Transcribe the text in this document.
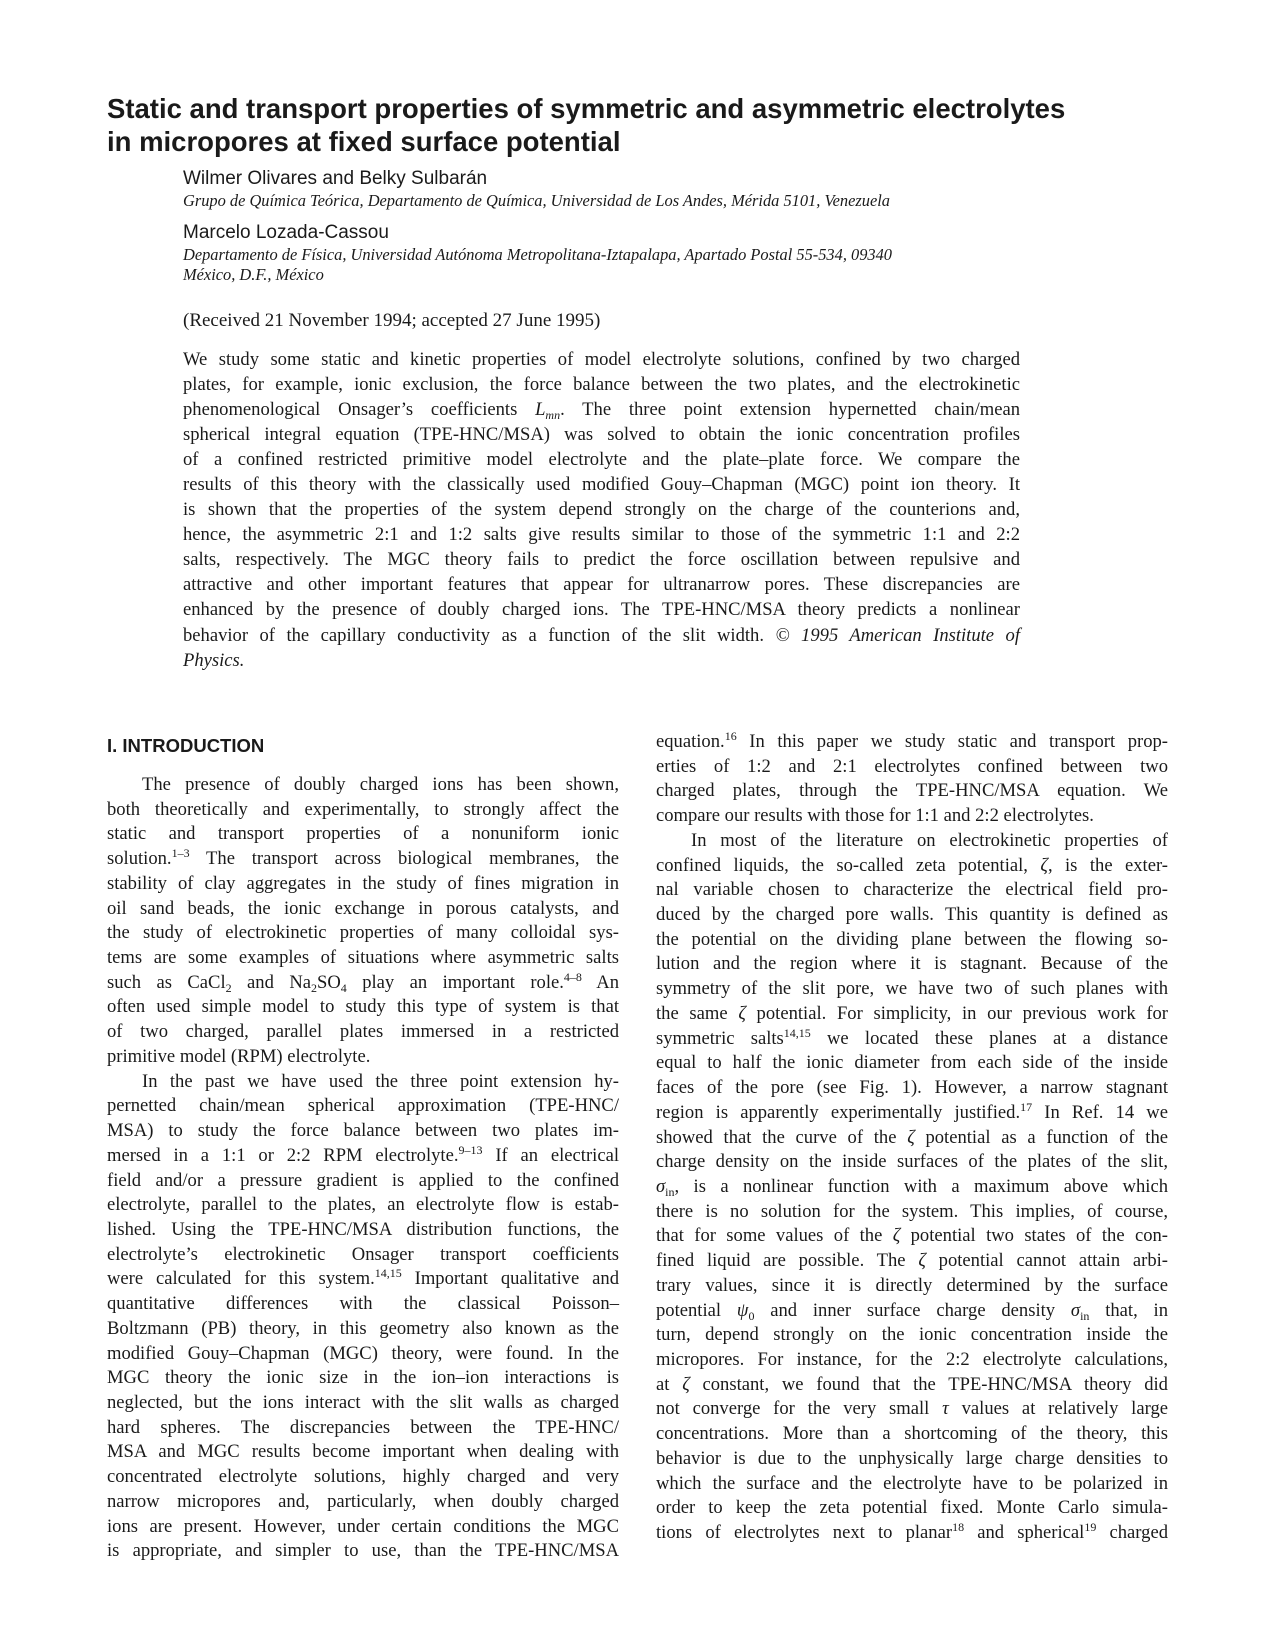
Static and transport properties of symmetric and asymmetric electrolytes
in micropores at fixed surface potential
Wilmer Olivares and Belky Sulbarán
Grupo de Química Teórica, Departamento de Química, Universidad de Los Andes, Mérida 5101, Venezuela
Marcelo Lozada-Cassou
Departamento de Física, Universidad Autónoma Metropolitana-Iztapalapa, Apartado Postal 55-534, 09340
México, D.F., México
(Received 21 November 1994; accepted 27 June 1995)
We study some static and kinetic properties of model electrolyte solutions, confined by two charged
plates, for example, ionic exclusion, the force balance between the two plates, and the electrokinetic
phenomenological Onsager’s coefficients $L_{mn}$. The three point extension hypernetted chain/mean
spherical integral equation (TPE-HNC/MSA) was solved to obtain the ionic concentration profiles
of a confined restricted primitive model electrolyte and the plate–plate force. We compare the
results of this theory with the classically used modified Gouy–Chapman (MGC) point ion theory. It
is shown that the properties of the system depend strongly on the charge of the counterions and,
hence, the asymmetric 2:1 and 1:2 salts give results similar to those of the symmetric 1:1 and 2:2
salts, respectively. The MGC theory fails to predict the force oscillation between repulsive and
attractive and other important features that appear for ultranarrow pores. These discrepancies are
enhanced by the presence of doubly charged ions. The TPE-HNC/MSA theory predicts a nonlinear
behavior of the capillary conductivity as a function of the slit width. © 1995 American Institute of
Physics.
I. INTRODUCTION
The presence of doubly charged ions has been shown,
both theoretically and experimentally, to strongly affect the
static and transport properties of a nonuniform ionic
solution.$^{1-3}$ The transport across biological membranes, the
stability of clay aggregates in the study of fines migration in
oil sand beads, the ionic exchange in porous catalysts, and
the study of electrokinetic properties of many colloidal sys-
tems are some examples of situations where asymmetric salts
such as CaCl$_2$ and $Na_2SO_4$ play an important role.$^{4-8}$ An
often used simple model to study this type of system is that
of two charged, parallel plates immersed in a restricted
primitive model (RPM) electrolyte.
In the past we have used the three point extension hy-
pernetted chain/mean spherical approximation (TPE-HNC/
MSA) to study the force balance between two plates im-
mersed in a 1:1 or 2:2 RPM electrolyte.$^{9-13}$ If an electrical
field and/or a pressure gradient is applied to the confined
electrolyte, parallel to the plates, an electrolyte flow is estab-
lished. Using the TPE-HNC/MSA distribution functions, the
electrolyte’s electrokinetic Onsager transport coefficients
were calculated for this system.$^{14,15}$ Important qualitative and
quantitative differences with the classical Poisson–
Boltzmann (PB) theory, in this geometry also known as the
modified Gouy–Chapman (MGC) theory, were found. In the
MGC theory the ionic size in the ion–ion interactions is
neglected, but the ions interact with the slit walls as charged
hard spheres. The discrepancies between the TPE-HNC/
MSA and MGC results become important when dealing with
concentrated electrolyte solutions, highly charged and very
narrow micropores and, particularly, when doubly charged
ions are present. However, under certain conditions the MGC
is appropriate, and simpler to use, than the TPE-HNC/MSA
equation.$^{16}$ In this paper we study static and transport prop-
erties of 1:2 and 2:1 electrolytes confined between two
charged plates, through the TPE-HNC/MSA equation. We
compare our results with those for 1:1 and 2:2 electrolytes.
In most of the literature on electrokinetic properties of
confined liquids, the so-called zeta potential, ζ, is the exter-
nal variable chosen to characterize the electrical field pro-
duced by the charged pore walls. This quantity is defined as
the potential on the dividing plane between the flowing so-
lution and the region where it is stagnant. Because of the
symmetry of the slit pore, we have two of such planes with
the same ζ potential. For simplicity, in our previous work for
symmetric salts$^{14,15}$ we located these planes at a distance
equal to half the ionic diameter from each side of the inside
faces of the pore (see Fig. 1). However, a narrow stagnant
region is apparently experimentally justified.$^{17}$ In Ref. 14 we
showed that the curve of the ζ potential as a function of the
charge density on the inside surfaces of the plates of the slit,
$\sigma_{in}$, is a nonlinear function with a maximum above which
there is no solution for the system. This implies, of course,
that for some values of the ζ potential two states of the con-
fined liquid are possible. The ζ potential cannot attain arbi-
trary values, since it is directly determined by the surface
potential $\psi_0$ and inner surface charge density $\sigma_{in}$ that, in
turn, depend strongly on the ionic concentration inside the
micropores. For instance, for the 2:2 electrolyte calculations,
at ζ constant, we found that the TPE-HNC/MSA theory did
not converge for the very small τ values at relatively large
concentrations. More than a shortcoming of the theory, this
behavior is due to the unphysically large charge densities to
which the surface and the electrolyte have to be polarized in
order to keep the zeta potential fixed. Monte Carlo simula-
tions of electrolytes next to planar$^{18}$ and spherical$^{19}$ charged
